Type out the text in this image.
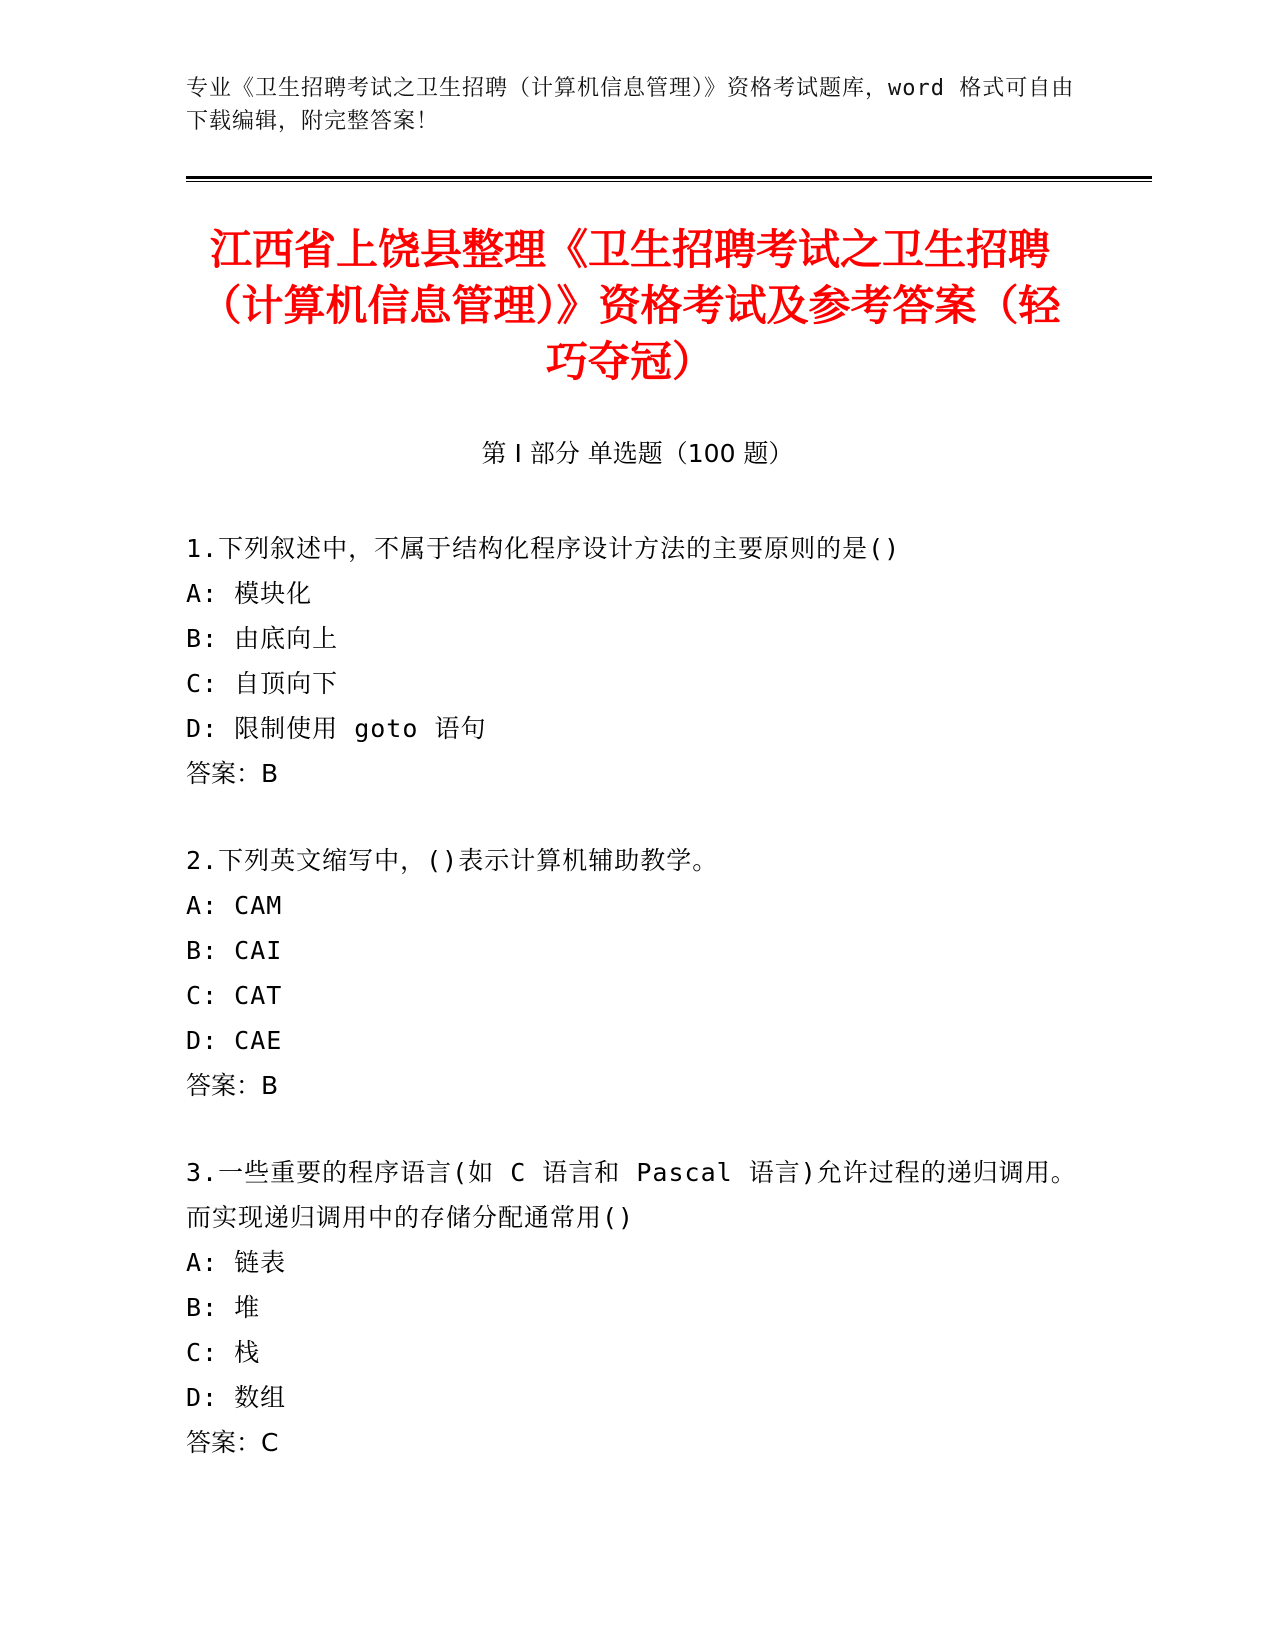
专业《卫生招聘考试之卫生招聘（计算机信息管理）》资格考试题库，word 格式可自由下载编辑，附完整答案！
江西省上饶县整理《卫生招聘考试之卫生招聘（计算机信息管理）》资格考试及参考答案（轻巧夺冠）
第 I 部分 单选题（100 题）
1.下列叙述中，不属于结构化程序设计方法的主要原则的是()
A: 模块化
B: 由底向上
C: 自顶向下
D: 限制使用 goto 语句
答案：B
2.下列英文缩写中，()表示计算机辅助教学。
A: CAM
B: CAI
C: CAT
D: CAE
答案：B
3.一些重要的程序语言(如 C 语言和 Pascal 语言)允许过程的递归调用。而实现递归调用中的存储分配通常用()
A: 链表
B: 堆
C: 栈
D: 数组
答案：C
